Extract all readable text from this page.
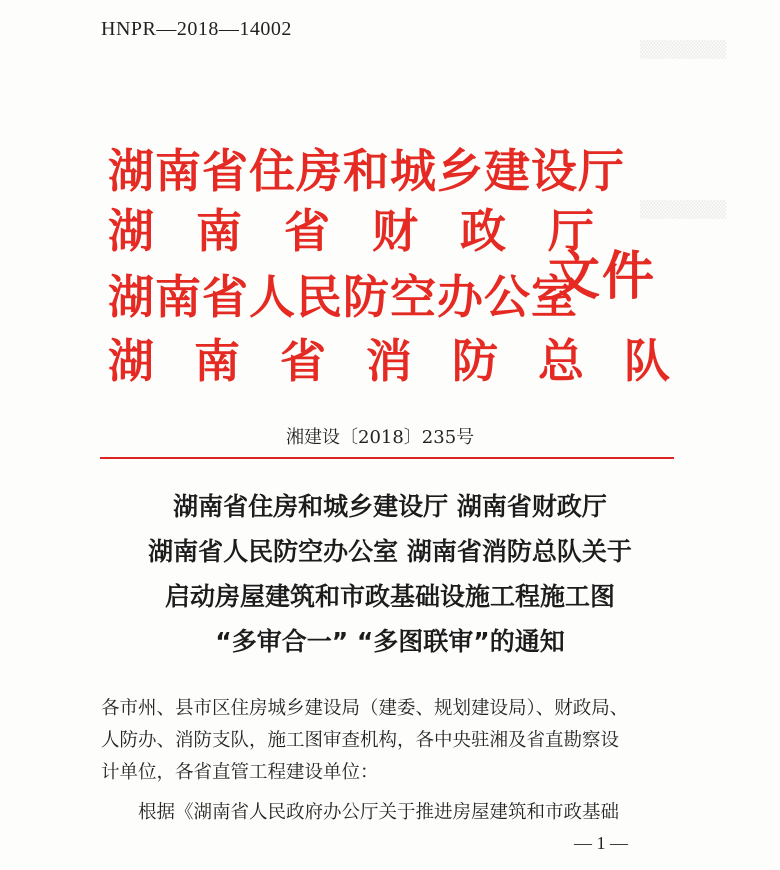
▒▒▒▒▒▒▒
▒▒▒▒▒▒▒
HNPR—2018—14002
湖南省住房和城乡建设厅
湖南省财政厅
湖南省人民防空办公室
湖南省消防总队
文件
湘建设〔2018〕235号
湖南省住房和城乡建设厅 湖南省财政厅
湖南省人民防空办公室 湖南省消防总队关于
启动房屋建筑和市政基础设施工程施工图
“多审合一” “多图联审”的通知
各市州、县市区住房城乡建设局（建委、规划建设局）、财政局、
人防办、消防支队，施工图审查机构，各中央驻湘及省直勘察设
计单位，各省直管工程建设单位：
根据《湖南省人民政府办公厅关于推进房屋建筑和市政基础
— 1 —
